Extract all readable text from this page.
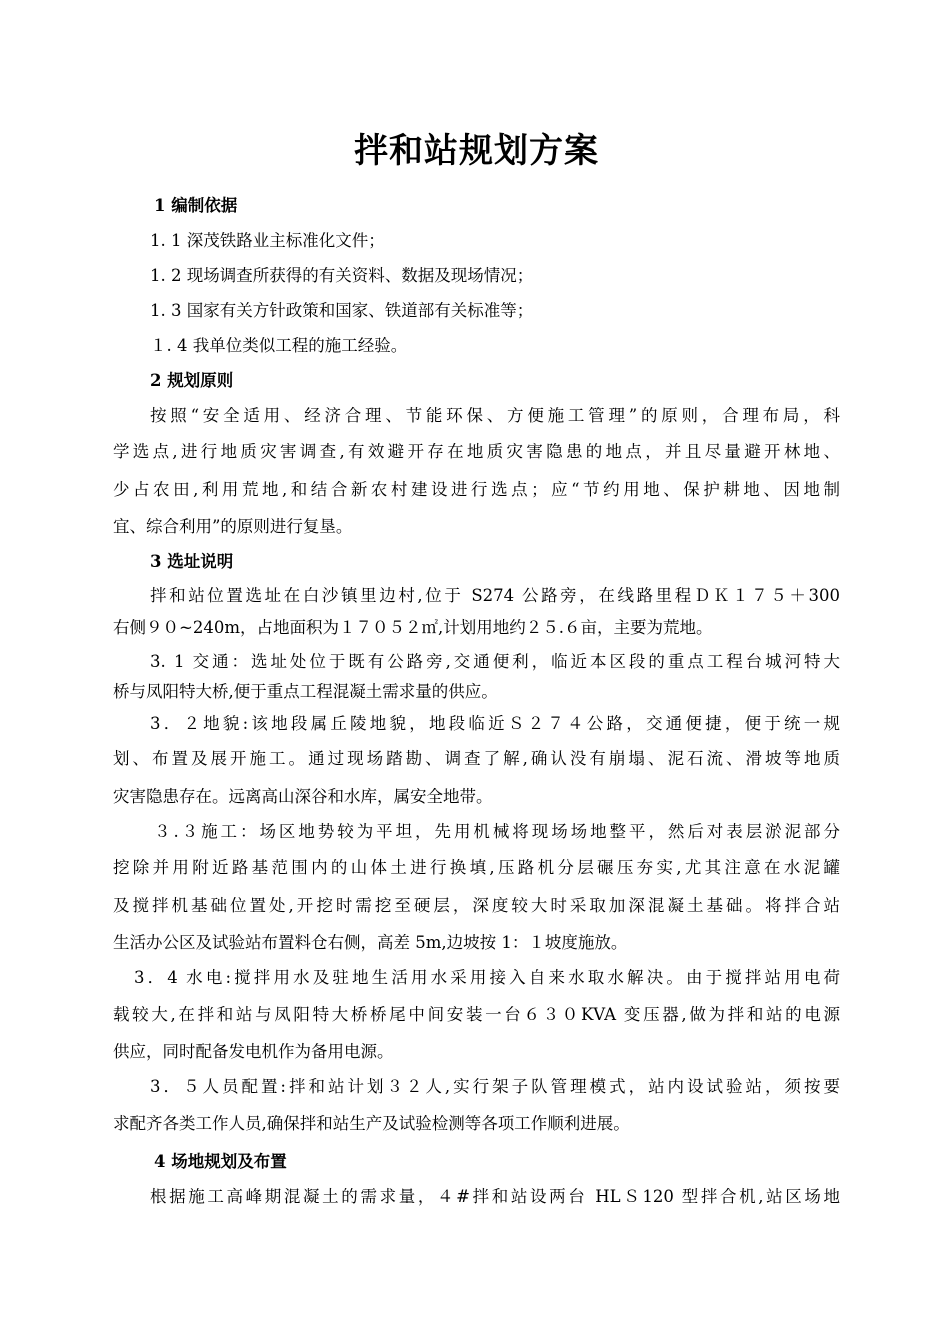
拌和站规划方案
1 编制依据
1. 1 深茂铁路业主标准化文件；
1. 2 现场调查所获得的有关资料、数据及现场情况；
1. 3 国家有关方针政策和国家、铁道部有关标准等；
１. 4 我单位类似工程的施工经验。
2 规划原则
按照“安全适用、经济合理、节能环保、方便施工管理”的原则，合理布局，科
学选点,进行地质灾害调查,有效避开存在地质灾害隐患的地点，并且尽量避开林地、
少占农田,利用荒地,和结合新农村建设进行选点；应“节约用地、保护耕地、因地制
宜、综合利用”的原则进行复垦。
3 选址说明
拌和站位置选址在白沙镇里边村,位于 S274 公路旁，在线路里程ＤＫ１７５＋300
右侧９０~240m，占地面积为１７０５２㎡,计划用地约２５.６亩，主要为荒地。
3. 1 交通：选址处位于既有公路旁,交通便利，临近本区段的重点工程台城河特大
桥与凤阳特大桥,便于重点工程混凝土需求量的供应。
3．２地貌:该地段属丘陵地貌，地段临近Ｓ２７４公路，交通便捷，便于统一规
划、布置及展开施工。通过现场踏勘、调查了解,确认没有崩塌、泥石流、滑坡等地质
灾害隐患存在。远离高山深谷和水库，属安全地带。
３.３施工：场区地势较为平坦，先用机械将现场场地整平，然后对表层淤泥部分
挖除并用附近路基范围内的山体土进行换填,压路机分层碾压夯实,尤其注意在水泥罐
及搅拌机基础位置处,开挖时需挖至硬层，深度较大时采取加深混凝土基础。将拌合站
生活办公区及试验站布置料仓右侧，高差 5m,边坡按 1：１坡度施放。
3．4 水电:搅拌用水及驻地生活用水采用接入自来水取水解决。由于搅拌站用电荷
载较大,在拌和站与凤阳特大桥桥尾中间安装一台６３０KVA 变压器,做为拌和站的电源
供应，同时配备发电机作为备用电源。
3．５人员配置:拌和站计划３２人,实行架子队管理模式，站内设试验站，须按要
求配齐各类工作人员,确保拌和站生产及试验检测等各项工作顺利进展。
4 场地规划及布置
根据施工高峰期混凝土的需求量，４#拌和站设两台 HLＳ120 型拌合机,站区场地
